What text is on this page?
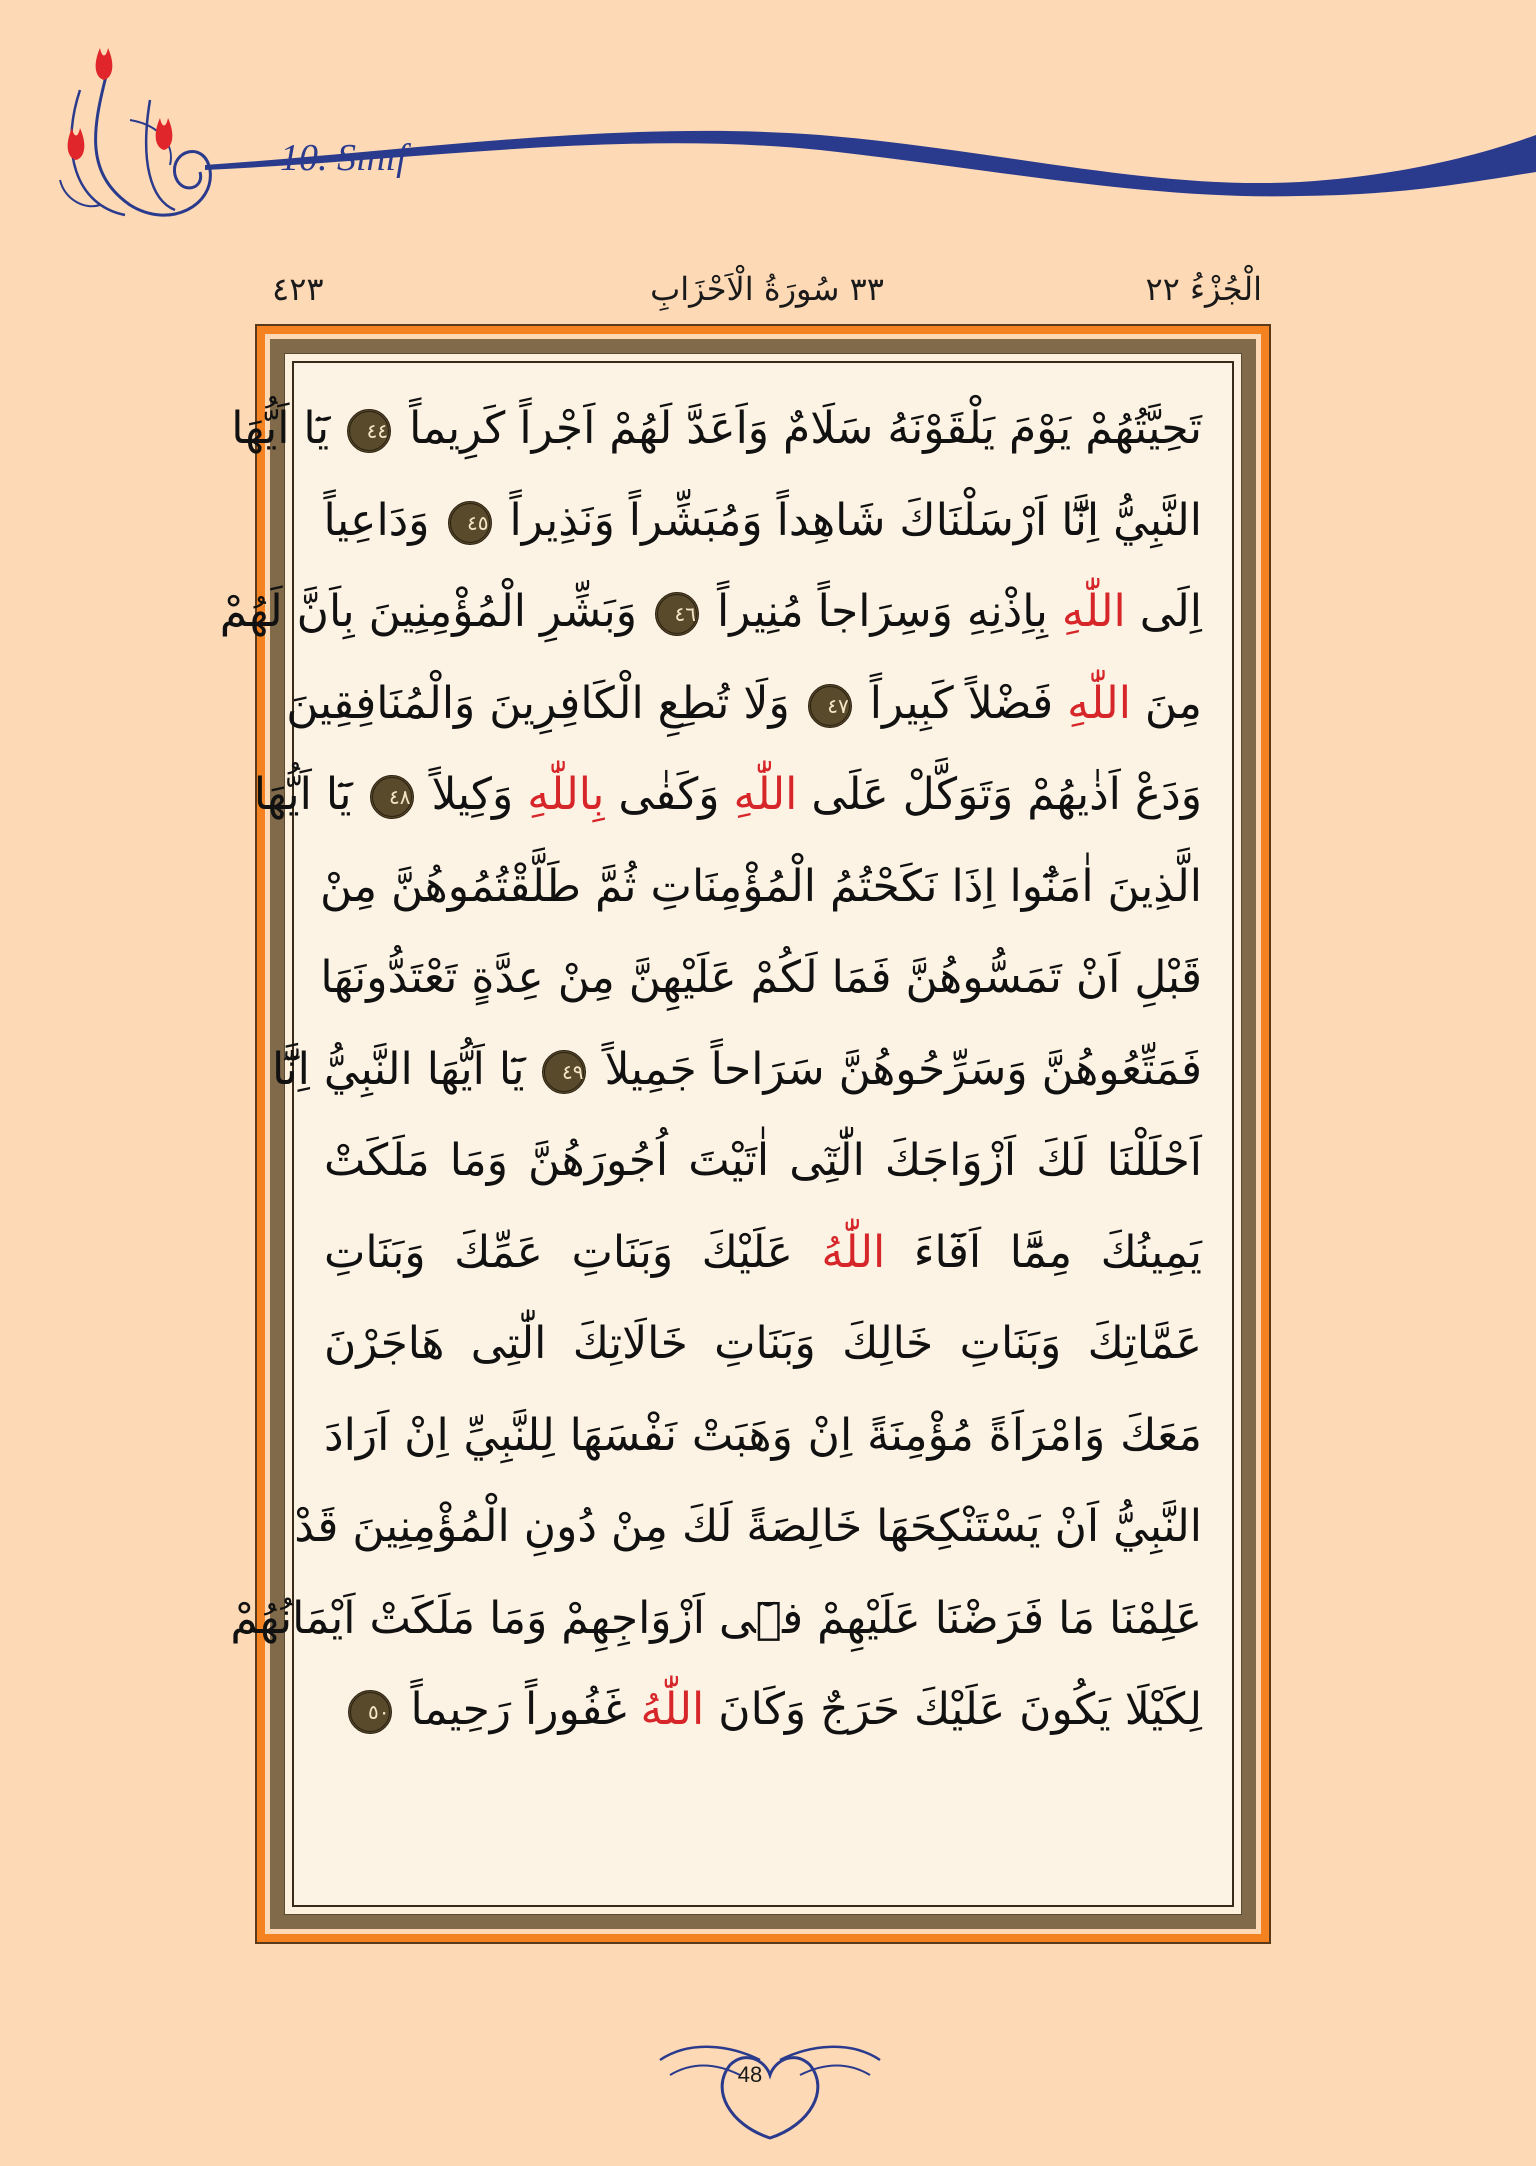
10. Sınıf
الْجُزْءُ ٢٢
٣٣ سُورَةُ الْاَحْزَابِ
٤٢٣
تَحِيَّتُهُمْ يَوْمَ يَلْقَوْنَهُ سَلَامٌ وَاَعَدَّ لَهُمْ اَجْراً كَرِيماً ٤٤ يَٓا اَيُّهَا
النَّبِيُّ اِنَّٓا اَرْسَلْنَاكَ شَاهِداً وَمُبَشِّراً وَنَذِيراً ٤٥ وَدَاعِياً
اِلَى اللّٰهِ بِاِذْنِهِ وَسِرَاجاً مُنِيراً ٤٦ وَبَشِّرِ الْمُؤْمِنِينَ بِاَنَّ لَهُمْ
مِنَ اللّٰهِ فَضْلاً كَبِيراً ٤٧ وَلَا تُطِعِ الْكَافِرِينَ وَالْمُنَافِقِينَ
وَدَعْ اَذٰيهُمْ وَتَوَكَّلْ عَلَى اللّٰهِ وَكَفٰى بِاللّٰهِ وَكِيلاً ٤٨ يَٓا اَيُّهَا
الَّذِينَ اٰمَنُٓوا اِذَا نَكَحْتُمُ الْمُؤْمِنَاتِ ثُمَّ طَلَّقْتُمُوهُنَّ مِنْ
قَبْلِ اَنْ تَمَسُّوهُنَّ فَمَا لَكُمْ عَلَيْهِنَّ مِنْ عِدَّةٍ تَعْتَدُّونَهَا
فَمَتِّعُوهُنَّ وَسَرِّحُوهُنَّ سَرَاحاً جَمِيلاً ٤٩ يَٓا اَيُّهَا النَّبِيُّ اِنَّٓا
اَحْلَلْنَا لَكَ اَزْوَاجَكَ الّٰتِٓى اٰتَيْتَ اُجُورَهُنَّ وَمَا مَلَكَتْ
يَمِينُكَ مِمَّٓا اَفَٓاءَ اللّٰهُ عَلَيْكَ وَبَنَاتِ عَمِّكَ وَبَنَاتِ
عَمَّاتِكَ وَبَنَاتِ خَالِكَ وَبَنَاتِ خَالَاتِكَ الّٰتِى هَاجَرْنَ
مَعَكَ وَامْرَاَةً مُؤْمِنَةً اِنْ وَهَبَتْ نَفْسَهَا لِلنَّبِيِّ اِنْ اَرَادَ
النَّبِيُّ اَنْ يَسْتَنْكِحَهَا خَالِصَةً لَكَ مِنْ دُونِ الْمُؤْمِنِينَ قَدْ
عَلِمْنَا مَا فَرَضْنَا عَلَيْهِمْ فٖٓى اَزْوَاجِهِمْ وَمَا مَلَكَتْ اَيْمَانُهُمْ
لِكَيْلَا يَكُونَ عَلَيْكَ حَرَجٌ وَكَانَ اللّٰهُ غَفُوراً رَحِيماً ٥٠
48
